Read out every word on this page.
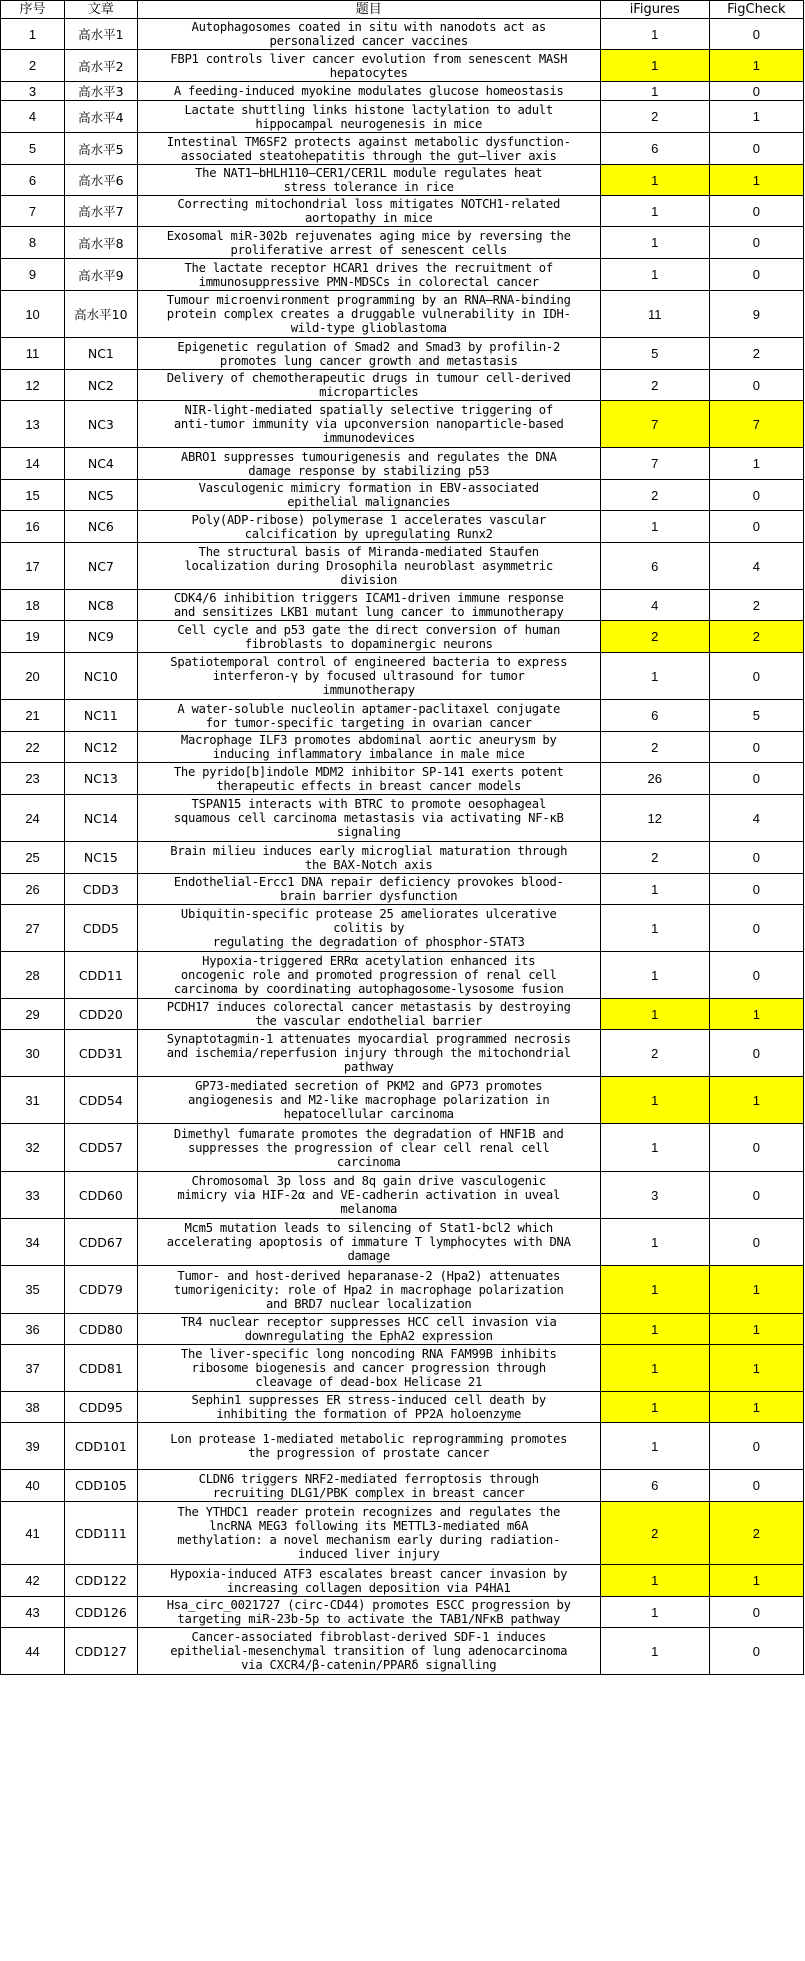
序号	文章	题目	iFigures	FigCheck
1	高水平1	Autophagosomes coated in situ with nanodots act as
personalized cancer vaccines	1	0
2	高水平2	FBP1 controls liver cancer evolution from senescent MASH
hepatocytes	1	1
3	高水平3	A feeding-induced myokine modulates glucose homeostasis	1	0
4	高水平4	Lactate shuttling links histone lactylation to adult
hippocampal neurogenesis in mice	2	1
5	高水平5	Intestinal TM6SF2 protects against metabolic dysfunction-
associated steatohepatitis through the gut–liver axis	6	0
6	高水平6	The NAT1–bHLH110–CER1/CER1L module regulates heat
stress tolerance in rice	1	1
7	高水平7	Correcting mitochondrial loss mitigates NOTCH1-related
aortopathy in mice	1	0
8	高水平8	Exosomal miR-302b rejuvenates aging mice by reversing the
proliferative arrest of senescent cells	1	0
9	高水平9	The lactate receptor HCAR1 drives the recruitment of
immunosuppressive PMN-MDSCs in colorectal cancer	1	0
10	高水平10	Tumour microenvironment programming by an RNA–RNA-binding
protein complex creates a druggable vulnerability in IDH-
wild-type glioblastoma	11	9
11	NC1	Epigenetic regulation of Smad2 and Smad3 by profilin-2
promotes lung cancer growth and metastasis	5	2
12	NC2	Delivery of chemotherapeutic drugs in tumour cell-derived
microparticles	2	0
13	NC3	NIR-light-mediated spatially selective triggering of
anti-tumor immunity via upconversion nanoparticle-based
immunodevices	7	7
14	NC4	ABRO1 suppresses tumourigenesis and regulates the DNA
damage response by stabilizing p53	7	1
15	NC5	Vasculogenic mimicry formation in EBV-associated
epithelial malignancies	2	0
16	NC6	Poly(ADP-ribose) polymerase 1 accelerates vascular
calcification by upregulating Runx2	1	0
17	NC7	The structural basis of Miranda-mediated Staufen
localization during Drosophila neuroblast asymmetric
division	6	4
18	NC8	CDK4/6 inhibition triggers ICAM1-driven immune response
and sensitizes LKB1 mutant lung cancer to immunotherapy	4	2
19	NC9	Cell cycle and p53 gate the direct conversion of human
fibroblasts to dopaminergic neurons	2	2
20	NC10	Spatiotemporal control of engineered bacteria to express
interferon-γ by focused ultrasound for tumor
immunotherapy	1	0
21	NC11	A water-soluble nucleolin aptamer-paclitaxel conjugate
for tumor-specific targeting in ovarian cancer	6	5
22	NC12	Macrophage ILF3 promotes abdominal aortic aneurysm by
inducing inflammatory imbalance in male mice	2	0
23	NC13	The pyrido[b]indole MDM2 inhibitor SP-141 exerts potent
therapeutic effects in breast cancer models	26	0
24	NC14	TSPAN15 interacts with BTRC to promote oesophageal
squamous cell carcinoma metastasis via activating NF-κB
signaling	12	4
25	NC15	Brain milieu induces early microglial maturation through
the BAX-Notch axis	2	0
26	CDD3	Endothelial-Ercc1 DNA repair deficiency provokes blood-
brain barrier dysfunction	1	0
27	CDD5	Ubiquitin-specific protease 25 ameliorates ulcerative
colitis by
regulating the degradation of phosphor-STAT3	1	0
28	CDD11	Hypoxia-triggered ERRα acetylation enhanced its
oncogenic role and promoted progression of renal cell
carcinoma by coordinating autophagosome-lysosome fusion	1	0
29	CDD20	PCDH17 induces colorectal cancer metastasis by destroying
the vascular endothelial barrier	1	1
30	CDD31	Synaptotagmin-1 attenuates myocardial programmed necrosis
and ischemia/reperfusion injury through the mitochondrial
pathway	2	0
31	CDD54	GP73-mediated secretion of PKM2 and GP73 promotes
angiogenesis and M2-like macrophage polarization in
hepatocellular carcinoma	1	1
32	CDD57	Dimethyl fumarate promotes the degradation of HNF1B and
suppresses the progression of clear cell renal cell
carcinoma	1	0
33	CDD60	Chromosomal 3p loss and 8q gain drive vasculogenic
mimicry via HIF-2α and VE-cadherin activation in uveal
melanoma	3	0
34	CDD67	Mcm5 mutation leads to silencing of Stat1-bcl2 which
accelerating apoptosis of immature T lymphocytes with DNA
damage	1	0
35	CDD79	Tumor- and host-derived heparanase-2 (Hpa2) attenuates
tumorigenicity: role of Hpa2 in macrophage polarization
and BRD7 nuclear localization	1	1
36	CDD80	TR4 nuclear receptor suppresses HCC cell invasion via
downregulating the EphA2 expression	1	1
37	CDD81	The liver-specific long noncoding RNA FAM99B inhibits
ribosome biogenesis and cancer progression through
cleavage of dead-box Helicase 21	1	1
38	CDD95	Sephin1 suppresses ER stress-induced cell death by
inhibiting the formation of PP2A holoenzyme	1	1
39	CDD101	Lon protease 1-mediated metabolic reprogramming promotes
the progression of prostate cancer	1	0
40	CDD105	CLDN6 triggers NRF2-mediated ferroptosis through
recruiting DLG1/PBK complex in breast cancer	6	0
41	CDD111	The YTHDC1 reader protein recognizes and regulates the
lncRNA MEG3 following its METTL3-mediated m6A
methylation: a novel mechanism early during radiation-
induced liver injury	2	2
42	CDD122	Hypoxia-induced ATF3 escalates breast cancer invasion by
increasing collagen deposition via P4HA1	1	1
43	CDD126	Hsa_circ_0021727 (circ-CD44) promotes ESCC progression by
targeting miR-23b-5p to activate the TAB1/NFκB pathway	1	0
44	CDD127	Cancer-associated fibroblast-derived SDF-1 induces
epithelial-mesenchymal transition of lung adenocarcinoma
via CXCR4/β-catenin/PPARδ signalling	1	0
